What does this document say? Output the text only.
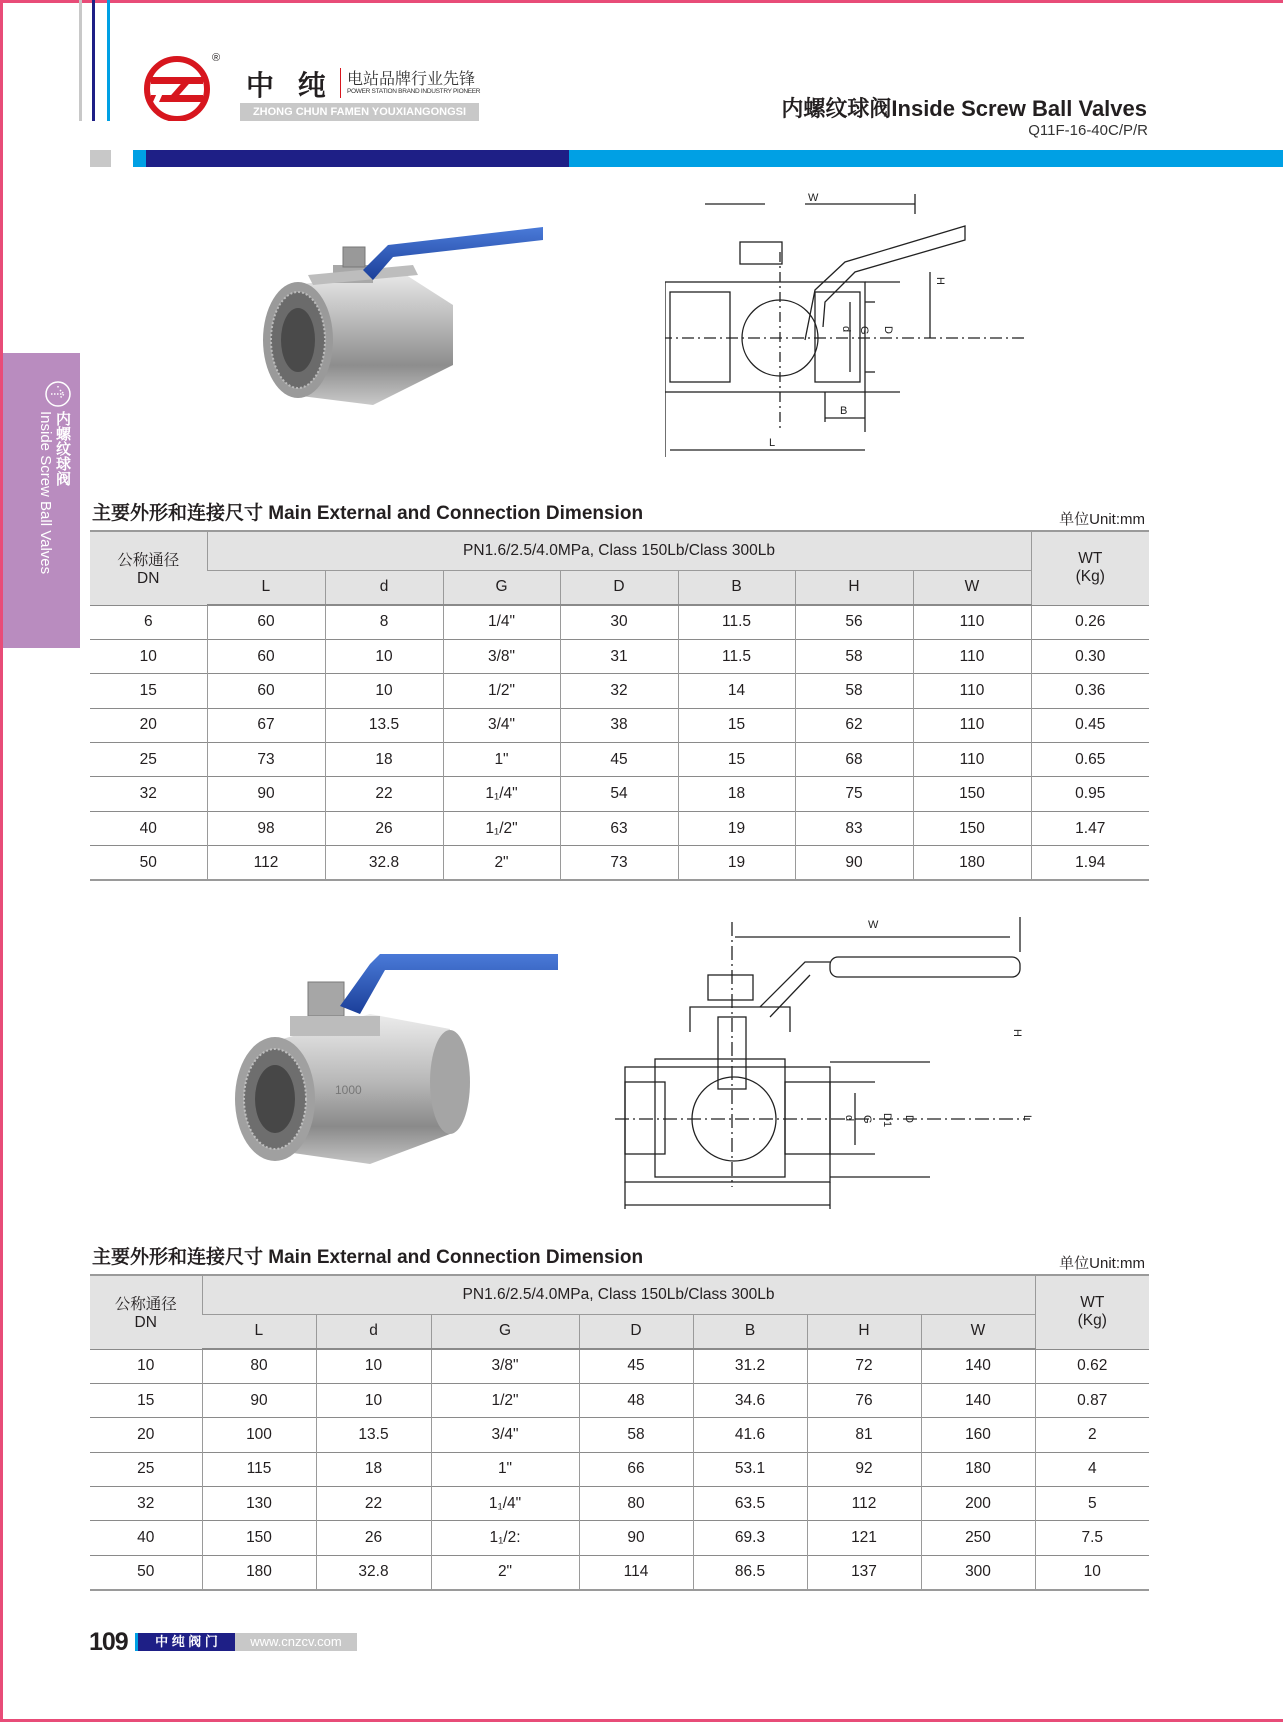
®
中 纯 电站品牌行业先锋
POWER STATION BRAND INDUSTRY PIONEER
ZHONG CHUN FAMEN YOUXIANGONGSI	内螺纹球阀Inside Screw Ball Valves
Q11F-16-40C/P/R
内螺纹球阀
Inside Screw Ball Valves
W
H
d G D
B
L
主要外形和连接尺寸 Main External and Connection Dimension	单位Unit:mm
公称通径
DN	PN1.6/2.5/4.0MPa, Class 150Lb/Class 300Lb							WT
(Kg)
	L	d	G	D	B	H	W	
6	60	8	1/4"	30	11.5	56	110	0.26
10	60	10	3/8"	31	11.5	58	110	0.30
15	60	10	1/2"	32	14	58	110	0.36
20	67	13.5	3/4"	38	15	62	110	0.45
25	73	18	1"	45	15	68	110	0.65
32	90	22	1₁/4"	54	18	75	150	0.95
40	98	26	1₁/2"	63	19	83	150	1.47
50	112	32.8	2"	73	19	90	180	1.94
1000
W
H
d G D1 D	L
主要外形和连接尺寸 Main External and Connection Dimension	单位Unit:mm
公称通径
DN	PN1.6/2.5/4.0MPa, Class 150Lb/Class 300Lb							WT
(Kg)
	L	d	G	D	B	H	W	
10	80	10	3/8"	45	31.2	72	140	0.62
15	90	10	1/2"	48	34.6	76	140	0.87
20	100	13.5	3/4"	58	41.6	81	160	2
25	115	18	1"	66	53.1	92	180	4
32	130	22	1₁/4"	80	63.5	112	200	5
40	150	26	1₁/2:	90	69.3	121	250	7.5
50	180	32.8	2"	114	86.5	137	300	10
109	中 纯 阀 门	www.cnzcv.com
